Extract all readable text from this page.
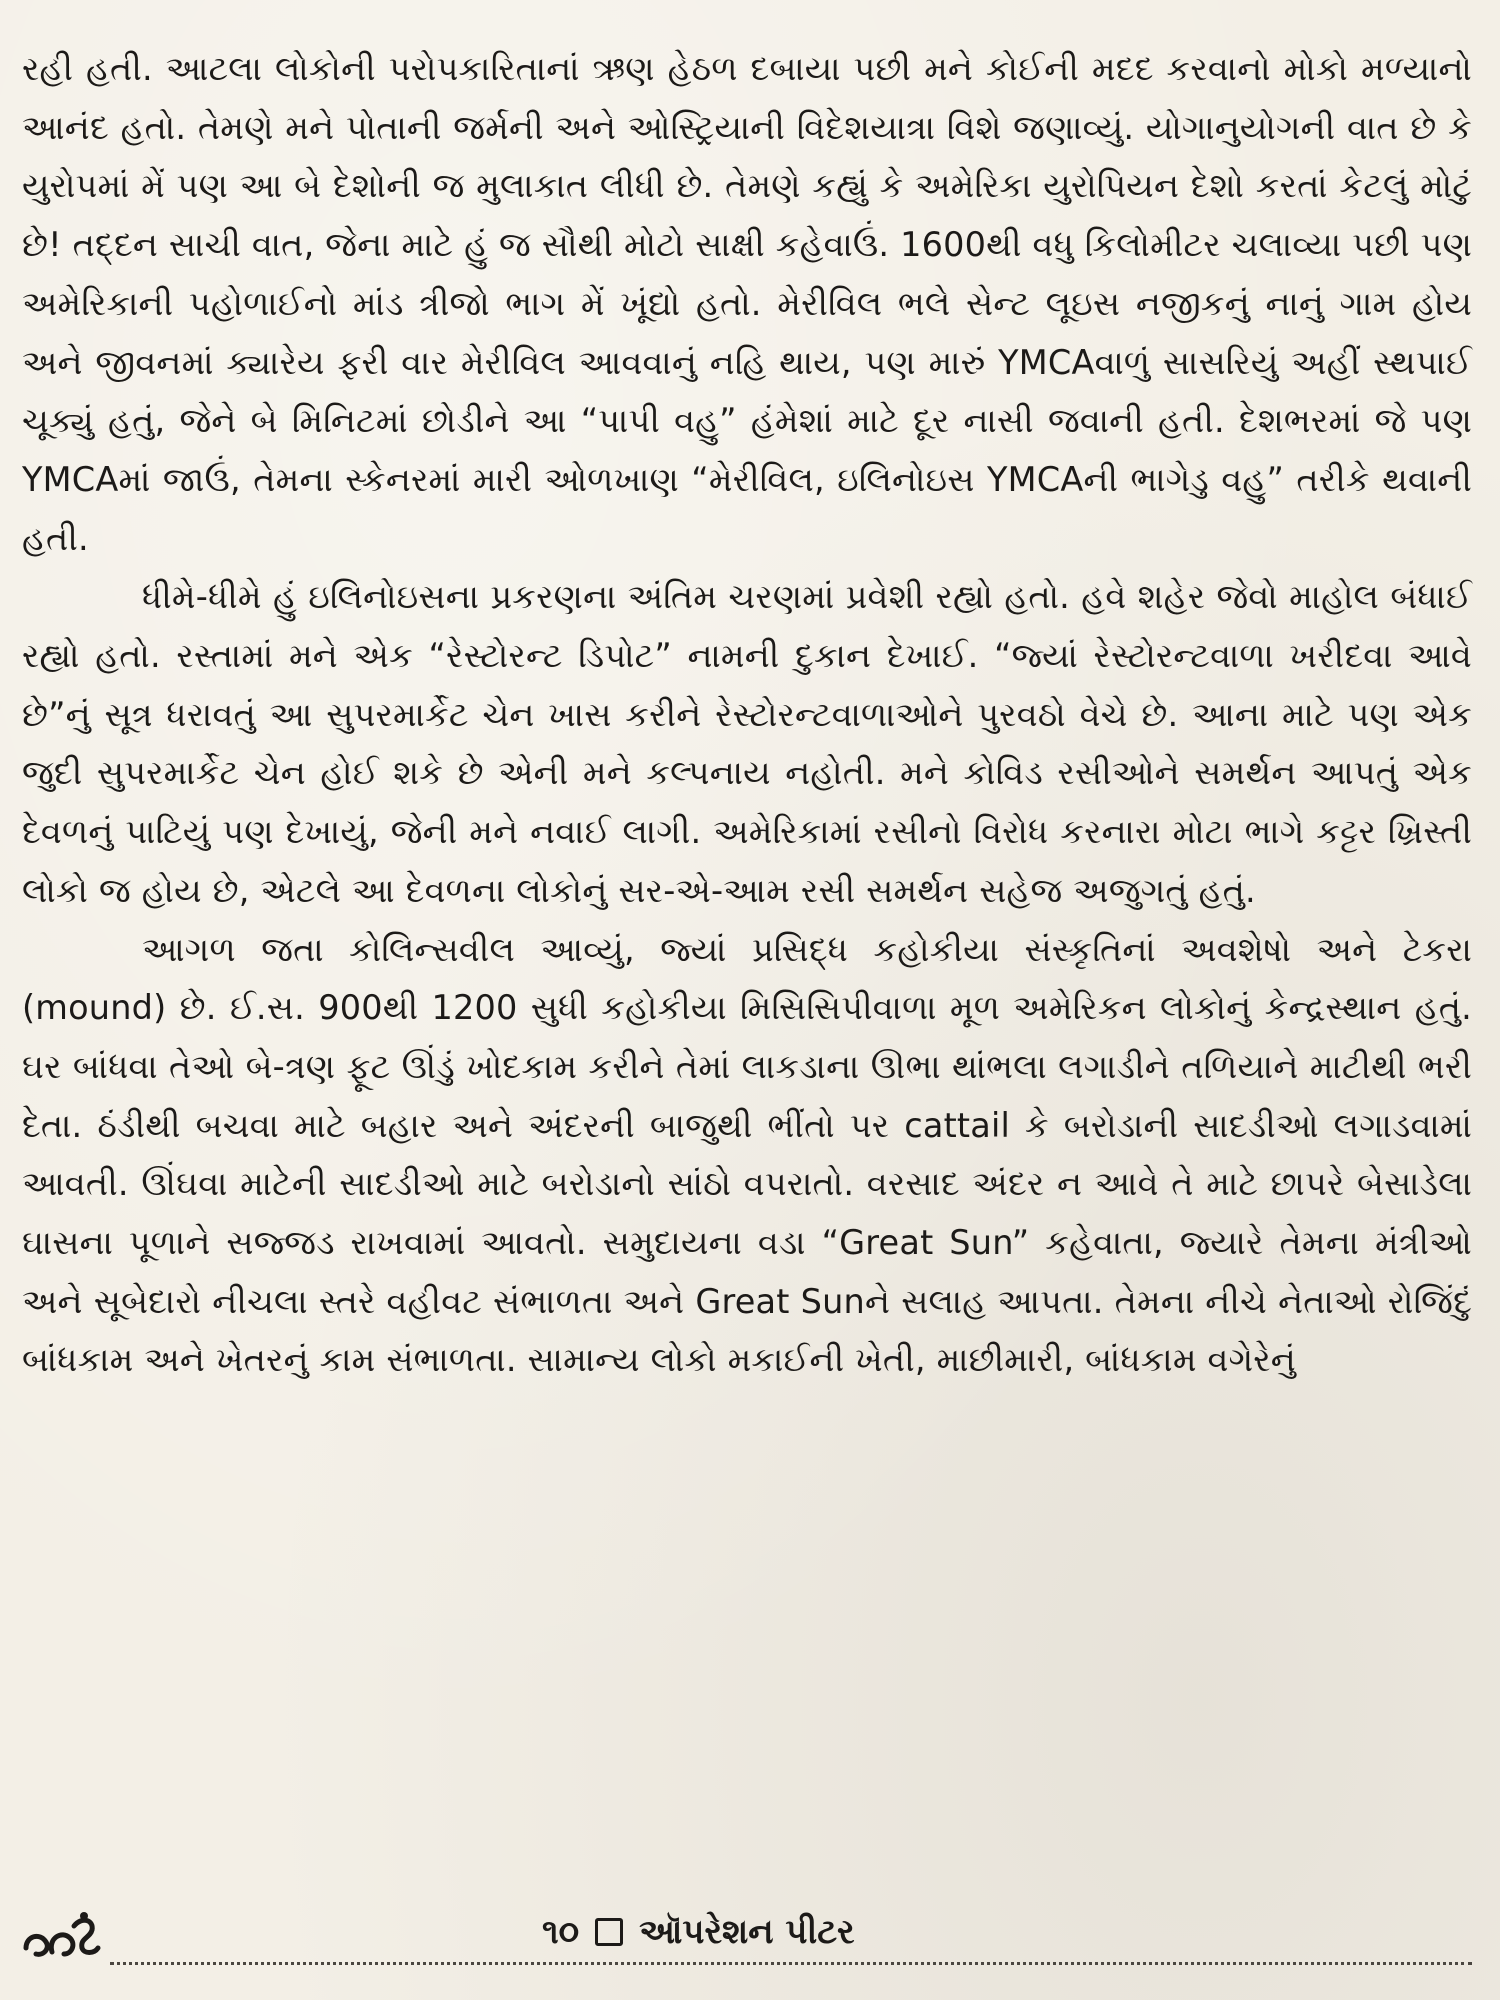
રહી હતી. આટલા લોકોની પરોપકારિતાનાં ઋણ હેઠળ દબાયા પછી મને કોઈની મદદ કરવાનો મોકો મળ્યાનો આનંદ હતો. તેમણે મને પોતાની જર્મની અને ઓસ્ટ્રિયાની વિદેશયાત્રા વિશે જણાવ્યું. યોગાનુયોગની વાત છે કે યુરોપમાં મેં પણ આ બે દેશોની જ મુલાકાત લીધી છે. તેમણે કહ્યું કે અમેરિકા યુરોપિયન દેશો કરતાં કેટલું મોટું છે! તદ્દન સાચી વાત, જેના માટે હું જ સૌથી મોટો સાક્ષી કહેવાઉં. 1600થી વધુ કિલોમીટર ચલાવ્યા પછી પણ અમેરિકાની પહોળાઈનો માંડ ત્રીજો ભાગ મેં ખૂંદ્યો હતો. મેરીવિલ ભલે સેન્ટ લૂઇસ નજીકનું નાનું ગામ હોય અને જીવનમાં ક્યારેય ફરી વાર મેરીવિલ આવવાનું નહિ થાય, પણ મારું YMCAવાળું સાસરિયું અહીં સ્થપાઈ ચૂક્યું હતું, જેને બે મિનિટમાં છોડીને આ “પાપી વહુ” હંમેશાં માટે દૂર નાસી જવાની હતી. દેશભરમાં જે પણ YMCAમાં જાઉં, તેમના સ્કેનરમાં મારી ઓળખાણ “મેરીવિલ, ઇલિનોઇસ YMCAની ભાગેડુ વહુ” તરીકે થવાની હતી.

ધીમે-ધીમે હું ઇલિનોઇસના પ્રકરણના અંતિમ ચરણમાં પ્રવેશી રહ્યો હતો. હવે શહેર જેવો માહોલ બંધાઈ રહ્યો હતો. રસ્તામાં મને એક “રેસ્ટોરન્ટ ડિપોટ” નામની દુકાન દેખાઈ. “જ્યાં રેસ્ટોરન્ટવાળા ખરીદવા આવે છે”નું સૂત્ર ધરાવતું આ સુપરમાર્કેટ ચેન ખાસ કરીને રેસ્ટોરન્ટવાળાઓને પુરવઠો વેચે છે. આના માટે પણ એક જુદી સુપરમાર્કેટ ચેન હોઈ શકે છે એની મને કલ્પનાય નહોતી. મને કોવિડ રસીઓને સમર્થન આપતું એક દેવળનું પાટિયું પણ દેખાયું, જેની મને નવાઈ લાગી. અમેરિકામાં રસીનો વિરોધ કરનારા મોટા ભાગે કટ્ટર ખ્રિસ્તી લોકો જ હોય છે, એટલે આ દેવળના લોકોનું સર-એ-આમ રસી સમર્થન સહેજ અજુગતું હતું.

આગળ જતા કોલિન્સવીલ આવ્યું, જ્યાં પ્રસિદ્ધ કહોકીયા સંસ્કૃતિનાં અવશેષો અને ટેકરા (mound) છે. ઈ.સ. 900થી 1200 સુધી કહોકીયા મિસિસિપીવાળા મૂળ અમેરિકન લોકોનું કેન્દ્રસ્થાન હતું. ઘર બાંધવા તેઓ બે-ત્રણ ફૂટ ઊંડું ખોદકામ કરીને તેમાં લાકડાના ઊભા થાંભલા લગાડીને તળિયાને માટીથી ભરી દેતા. ઠંડીથી બચવા માટે બહાર અને અંદરની બાજુથી ભીંતો પર cattail કે બરોડાની સાદડીઓ લગાડવામાં આવતી. ઊંઘવા માટેની સાદડીઓ માટે બરોડાનો સાંઠો વપરાતો. વરસાદ અંદર ન આવે તે માટે છાપરે બેસાડેલા ઘાસના પૂળાને સજ્જડ રાખવામાં આવતો. સમુદાયના વડા “Great Sun” કહેવાતા, જ્યારે તેમના મંત્રીઓ અને સૂબેદારો નીચલા સ્તરે વહીવટ સંભાળતા અને Great Sunને સલાહ આપતા. તેમના નીચે નેતાઓ રોજિંદું બાંધકામ અને ખેતરનું કામ સંભાળતા. સામાન્ય લોકો મકાઈની ખેતી, માછીમારી, બાંધકામ વગેરેનું

૧૦ ઑપરેશન પીટર
